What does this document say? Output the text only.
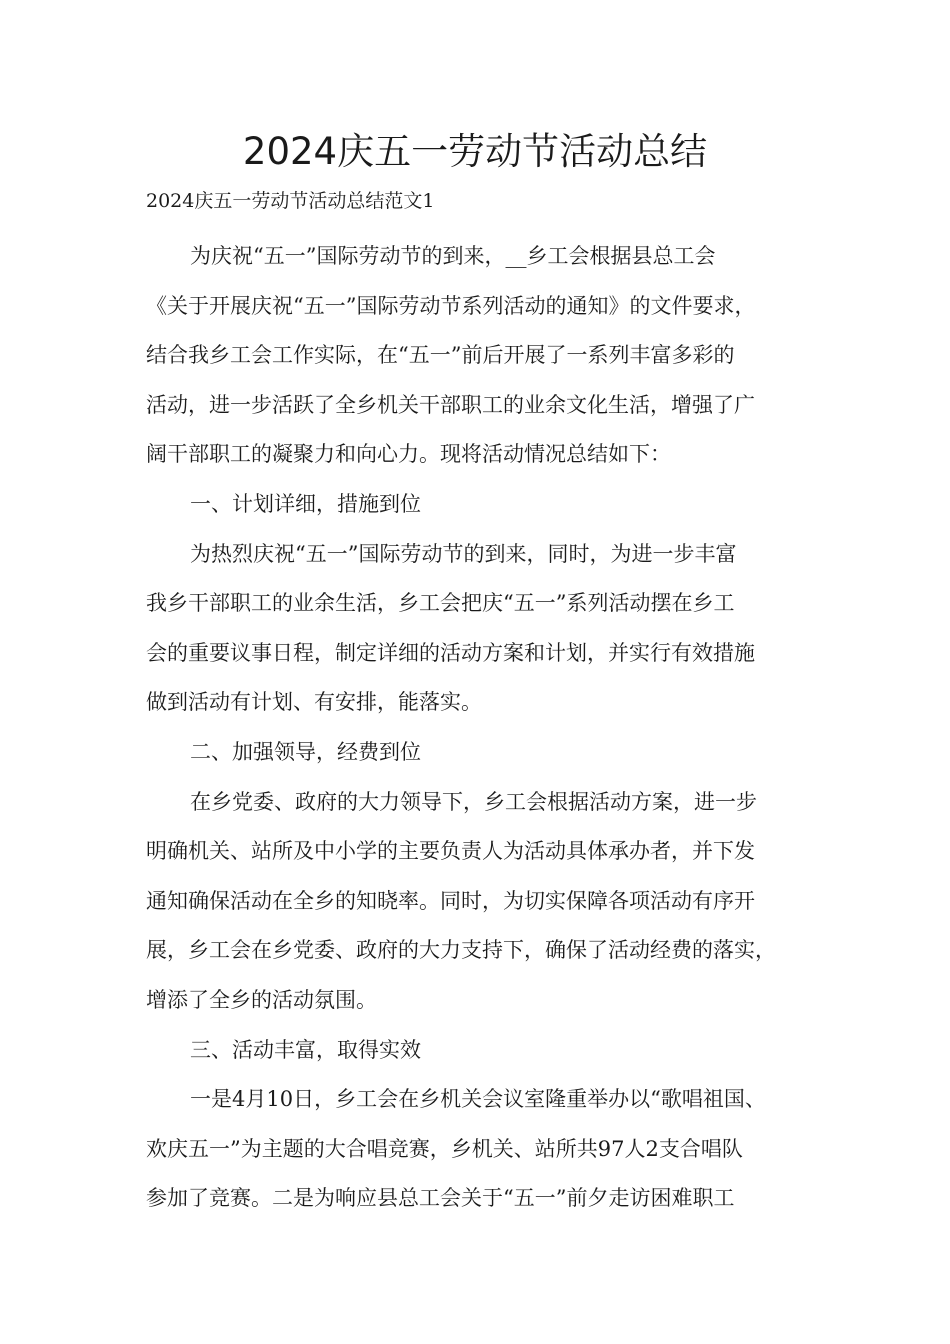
2024庆五一劳动节活动总结
2024庆五一劳动节活动总结范文1
为庆祝“五一”国际劳动节的到来，__乡工会根据县总工会
《关于开展庆祝“五一”国际劳动节系列活动的通知》的文件要求，
结合我乡工会工作实际，在“五一”前后开展了一系列丰富多彩的
活动，进一步活跃了全乡机关干部职工的业余文化生活，增强了广
阔干部职工的凝聚力和向心力。现将活动情况总结如下：
一、计划详细，措施到位
为热烈庆祝“五一”国际劳动节的到来，同时，为进一步丰富
我乡干部职工的业余生活，乡工会把庆“五一”系列活动摆在乡工
会的重要议事日程，制定详细的活动方案和计划，并实行有效措施
做到活动有计划、有安排，能落实。
二、加强领导，经费到位
在乡党委、政府的大力领导下，乡工会根据活动方案，进一步
明确机关、站所及中小学的主要负责人为活动具体承办者，并下发
通知确保活动在全乡的知晓率。同时，为切实保障各项活动有序开
展，乡工会在乡党委、政府的大力支持下，确保了活动经费的落实，
增添了全乡的活动氛围。
三、活动丰富，取得实效
一是4月10日，乡工会在乡机关会议室隆重举办以“歌唱祖国、
欢庆五一”为主题的大合唱竞赛，乡机关、站所共97人2支合唱队
参加了竞赛。二是为响应县总工会关于“五一”前夕走访困难职工
